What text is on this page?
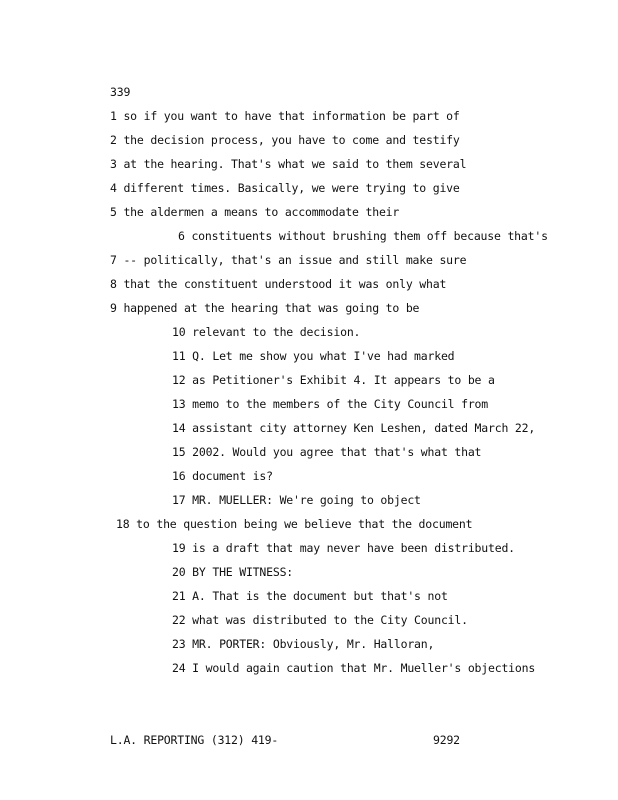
339
1 so if you want to have that information be part of
2 the decision process, you have to come and testify
3 at the hearing. That's what we said to them several
4 different times. Basically, we were trying to give
5 the aldermen a means to accommodate their
6 constituents without brushing them off because that's
7 -- politically, that's an issue and still make sure
8 that the constituent understood it was only what
9 happened at the hearing that was going to be
10 relevant to the decision.
11 Q. Let me show you what I've had marked
12 as Petitioner's Exhibit 4. It appears to be a
13 memo to the members of the City Council from
14 assistant city attorney Ken Leshen, dated March 22,
15 2002. Would you agree that that's what that
16 document is?
17 MR. MUELLER: We're going to object
18 to the question being we believe that the document
19 is a draft that may never have been distributed.
20 BY THE WITNESS:
21 A. That is the document but that's not
22 what was distributed to the City Council.
23 MR. PORTER: Obviously, Mr. Halloran,
24 I would again caution that Mr. Mueller's objections
L.A. REPORTING (312) 419-	9292
